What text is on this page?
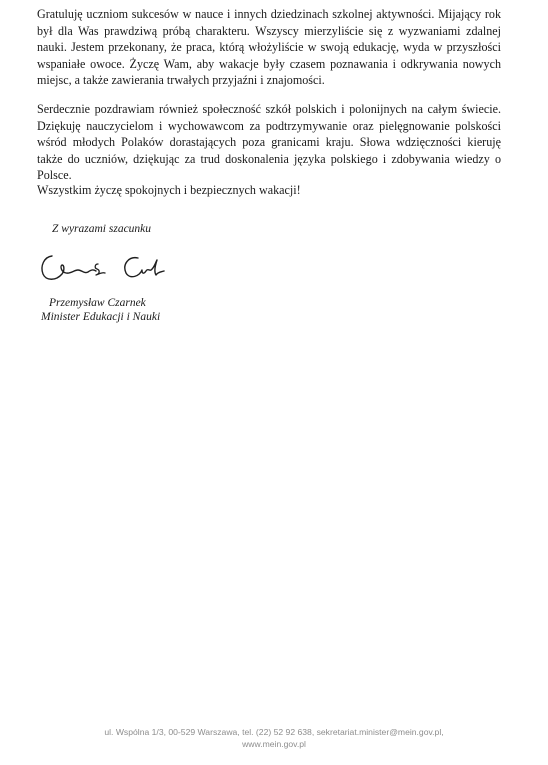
Gratuluję uczniom sukcesów w nauce i innych dziedzinach szkolnej aktywności. Mijający rok był dla Was prawdziwą próbą charakteru. Wszyscy mierzyliście się z wyzwaniami zdalnej nauki. Jestem przekonany, że praca, którą włożyliście w swoją edukację, wyda w przyszłości wspaniałe owoce. Życzę Wam, aby wakacje były czasem poznawania i odkrywania nowych miejsc, a także zawierania trwałych przyjaźni i znajomości.

Serdecznie pozdrawiam również społeczność szkół polskich i polonijnych na całym świecie. Dziękuję nauczycielom i wychowawcom za podtrzymywanie oraz pielęgnowanie polskości wśród młodych Polaków dorastających poza granicami kraju. Słowa wdzięczności kieruję także do uczniów, dziękując za trud doskonalenia języka polskiego i zdobywania wiedzy o Polsce.

Wszystkim życzę spokojnych i bezpiecznych wakacji!

Z wyrazami szacunku

Przemysław Czarnek
Minister Edukacji i Nauki

ul. Wspólna 1/3, 00-529 Warszawa, tel. (22) 52 92 638, sekretariat.minister@mein.gov.pl,
www.mein.gov.pl
